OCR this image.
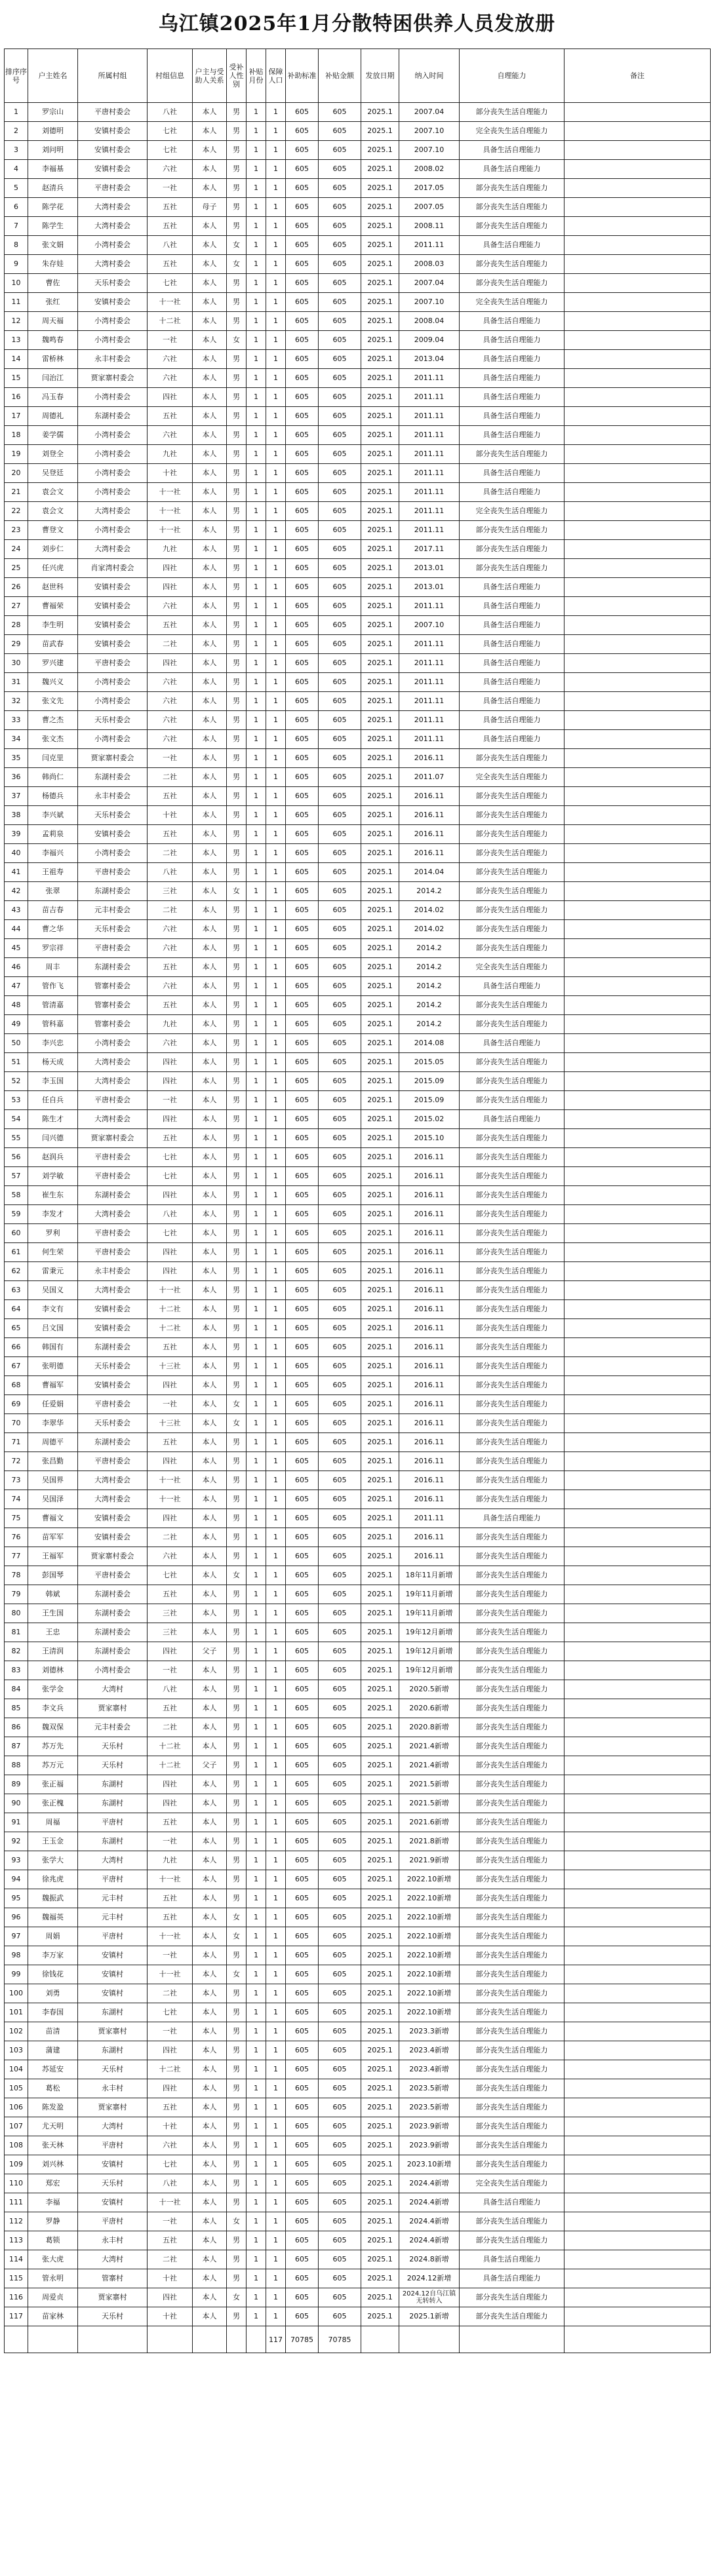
乌江镇2025年1月分散特困供养人员发放册
排序序号	户主姓名	所属村组	村组信息	户主与受助人关系	受补人性别	补贴月份	保障人口	补助标准	补贴金额	发放日期	纳入时间	自理能力	备注
1	罗宗山	平唐村委会	八社	本人	男	1	1	605	605	2025.1	2007.04	部分丧失生活自理能力	
2	刘德明	安镇村委会	七社	本人	男	1	1	605	605	2025.1	2007.10	完全丧失生活自理能力	
3	刘问明	安镇村委会	七社	本人	男	1	1	605	605	2025.1	2007.10	具备生活自理能力	
4	李福基	安镇村委会	六社	本人	男	1	1	605	605	2025.1	2008.02	具备生活自理能力	
5	赵清兵	平唐村委会	一社	本人	男	1	1	605	605	2025.1	2017.05	部分丧失生活自理能力	
6	陈学花	大湾村委会	五社	母子	男	1	1	605	605	2025.1	2007.05	部分丧失生活自理能力	
7	陈学生	大湾村委会	五社	本人	男	1	1	605	605	2025.1	2008.11	部分丧失生活自理能力	
8	张文娟	小湾村委会	八社	本人	女	1	1	605	605	2025.1	2011.11	具备生活自理能力	
9	朱存娃	大湾村委会	五社	本人	女	1	1	605	605	2025.1	2008.03	部分丧失生活自理能力	
10	曹佐	天乐村委会	七社	本人	男	1	1	605	605	2025.1	2007.04	部分丧失生活自理能力	
11	张红	安镇村委会	十一社	本人	男	1	1	605	605	2025.1	2007.10	完全丧失生活自理能力	
12	周天福	小湾村委会	十二社	本人	男	1	1	605	605	2025.1	2008.04	具备生活自理能力	
13	魏鸣春	小湾村委会	一社	本人	女	1	1	605	605	2025.1	2009.04	具备生活自理能力	
14	雷桥林	永丰村委会	六社	本人	男	1	1	605	605	2025.1	2013.04	具备生活自理能力	
15	闫治江	贾家寨村委会	六社	本人	男	1	1	605	605	2025.1	2011.11	具备生活自理能力	
16	冯玉春	小湾村委会	四社	本人	男	1	1	605	605	2025.1	2011.11	具备生活自理能力	
17	周德礼	东湖村委会	五社	本人	男	1	1	605	605	2025.1	2011.11	具备生活自理能力	
18	姜学儒	小湾村委会	六社	本人	男	1	1	605	605	2025.1	2011.11	具备生活自理能力	
19	刘登全	小湾村委会	九社	本人	男	1	1	605	605	2025.1	2011.11	部分丧失生活自理能力	
20	吴登廷	小湾村委会	十社	本人	男	1	1	605	605	2025.1	2011.11	具备生活自理能力	
21	袁会文	小湾村委会	十一社	本人	男	1	1	605	605	2025.1	2011.11	具备生活自理能力	
22	袁会文	大湾村委会	十一社	本人	男	1	1	605	605	2025.1	2011.11	完全丧失生活自理能力	
23	曹登文	小湾村委会	十一社	本人	男	1	1	605	605	2025.1	2011.11	部分丧失生活自理能力	
24	刘步仁	大湾村委会	九社	本人	男	1	1	605	605	2025.1	2017.11	部分丧失生活自理能力	
25	任兴虎	肖家湾村委会	四社	本人	男	1	1	605	605	2025.1	2013.01	部分丧失生活自理能力	
26	赵世科	安镇村委会	四社	本人	男	1	1	605	605	2025.1	2013.01	具备生活自理能力	
27	曹福荣	安镇村委会	六社	本人	男	1	1	605	605	2025.1	2011.11	具备生活自理能力	
28	李生明	安镇村委会	五社	本人	男	1	1	605	605	2025.1	2007.10	具备生活自理能力	
29	苗武春	安镇村委会	二社	本人	男	1	1	605	605	2025.1	2011.11	具备生活自理能力	
30	罗兴建	平唐村委会	四社	本人	男	1	1	605	605	2025.1	2011.11	具备生活自理能力	
31	魏兴义	小湾村委会	六社	本人	男	1	1	605	605	2025.1	2011.11	具备生活自理能力	
32	张文先	小湾村委会	六社	本人	男	1	1	605	605	2025.1	2011.11	具备生活自理能力	
33	曹之杰	天乐村委会	六社	本人	男	1	1	605	605	2025.1	2011.11	具备生活自理能力	
34	张文杰	小湾村委会	六社	本人	男	1	1	605	605	2025.1	2011.11	具备生活自理能力	
35	闫克里	贾家寨村委会	一社	本人	男	1	1	605	605	2025.1	2016.11	部分丧失生活自理能力	
36	韩尚仁	东湖村委会	二社	本人	男	1	1	605	605	2025.1	2011.07	完全丧失生活自理能力	
37	杨德兵	永丰村委会	五社	本人	男	1	1	605	605	2025.1	2016.11	部分丧失生活自理能力	
38	李兴斌	天乐村委会	十社	本人	男	1	1	605	605	2025.1	2016.11	部分丧失生活自理能力	
39	孟莉泉	安镇村委会	五社	本人	男	1	1	605	605	2025.1	2016.11	部分丧失生活自理能力	
40	李福兴	小湾村委会	二社	本人	男	1	1	605	605	2025.1	2016.11	部分丧失生活自理能力	
41	王祖寿	平唐村委会	八社	本人	男	1	1	605	605	2025.1	2014.04	部分丧失生活自理能力	
42	张翠	东湖村委会	三社	本人	女	1	1	605	605	2025.1	2014.2	部分丧失生活自理能力	
43	苗吉春	元丰村委会	二社	本人	男	1	1	605	605	2025.1	2014.02	部分丧失生活自理能力	
44	曹之华	天乐村委会	六社	本人	男	1	1	605	605	2025.1	2014.02	部分丧失生活自理能力	
45	罗宗祥	平唐村委会	六社	本人	男	1	1	605	605	2025.1	2014.2	部分丧失生活自理能力	
46	周丰	东湖村委会	五社	本人	男	1	1	605	605	2025.1	2014.2	完全丧失生活自理能力	
47	管作飞	管寨村委会	六社	本人	男	1	1	605	605	2025.1	2014.2	具备生活自理能力	
48	管清嘉	管寨村委会	五社	本人	男	1	1	605	605	2025.1	2014.2	部分丧失生活自理能力	
49	管科嘉	管寨村委会	九社	本人	男	1	1	605	605	2025.1	2014.2	部分丧失生活自理能力	
50	李兴忠	小湾村委会	六社	本人	男	1	1	605	605	2025.1	2014.08	具备生活自理能力	
51	杨天成	大湾村委会	四社	本人	男	1	1	605	605	2025.1	2015.05	部分丧失生活自理能力	
52	李玉国	大湾村委会	四社	本人	男	1	1	605	605	2025.1	2015.09	部分丧失生活自理能力	
53	任自兵	平唐村委会	一社	本人	男	1	1	605	605	2025.1	2015.09	部分丧失生活自理能力	
54	陈生才	大湾村委会	四社	本人	男	1	1	605	605	2025.1	2015.02	具备生活自理能力	
55	闫兴德	贾家寨村委会	五社	本人	男	1	1	605	605	2025.1	2015.10	部分丧失生活自理能力	
56	赵润兵	平唐村委会	七社	本人	男	1	1	605	605	2025.1	2016.11	部分丧失生活自理能力	
57	刘学敏	平唐村委会	七社	本人	男	1	1	605	605	2025.1	2016.11	部分丧失生活自理能力	
58	崔生东	东湖村委会	四社	本人	男	1	1	605	605	2025.1	2016.11	部分丧失生活自理能力	
59	李发才	大湾村委会	八社	本人	男	1	1	605	605	2025.1	2016.11	部分丧失生活自理能力	
60	罗利	平唐村委会	七社	本人	男	1	1	605	605	2025.1	2016.11	部分丧失生活自理能力	
61	何生荣	平唐村委会	四社	本人	男	1	1	605	605	2025.1	2016.11	部分丧失生活自理能力	
62	雷秉元	永丰村委会	四社	本人	男	1	1	605	605	2025.1	2016.11	部分丧失生活自理能力	
63	吴国义	大湾村委会	十一社	本人	男	1	1	605	605	2025.1	2016.11	部分丧失生活自理能力	
64	李文有	安镇村委会	十二社	本人	男	1	1	605	605	2025.1	2016.11	部分丧失生活自理能力	
65	吕文国	安镇村委会	十二社	本人	男	1	1	605	605	2025.1	2016.11	部分丧失生活自理能力	
66	韩国有	东湖村委会	五社	本人	男	1	1	605	605	2025.1	2016.11	部分丧失生活自理能力	
67	张明德	天乐村委会	十三社	本人	男	1	1	605	605	2025.1	2016.11	部分丧失生活自理能力	
68	曹福军	安镇村委会	四社	本人	男	1	1	605	605	2025.1	2016.11	部分丧失生活自理能力	
69	任爱娟	平唐村委会	一社	本人	女	1	1	605	605	2025.1	2016.11	部分丧失生活自理能力	
70	李翠华	天乐村委会	十三社	本人	女	1	1	605	605	2025.1	2016.11	部分丧失生活自理能力	
71	周德平	东湖村委会	五社	本人	男	1	1	605	605	2025.1	2016.11	部分丧失生活自理能力	
72	张昌勤	平唐村委会	四社	本人	男	1	1	605	605	2025.1	2016.11	部分丧失生活自理能力	
73	吴国界	大湾村委会	十一社	本人	男	1	1	605	605	2025.1	2016.11	部分丧失生活自理能力	
74	吴国泽	大湾村委会	十一社	本人	男	1	1	605	605	2025.1	2016.11	部分丧失生活自理能力	
75	曹福文	安镇村委会	四社	本人	男	1	1	605	605	2025.1	2011.11	具备生活自理能力	
76	苗军军	安镇村委会	二社	本人	男	1	1	605	605	2025.1	2016.11	部分丧失生活自理能力	
77	王福军	贾家寨村委会	六社	本人	男	1	1	605	605	2025.1	2016.11	部分丧失生活自理能力	
78	彭国琴	平唐村委会	七社	本人	女	1	1	605	605	2025.1	18年11月新增	部分丧失生活自理能力	
79	韩斌	东湖村委会	五社	本人	男	1	1	605	605	2025.1	19年11月新增	部分丧失生活自理能力	
80	王生国	东湖村委会	三社	本人	男	1	1	605	605	2025.1	19年11月新增	部分丧失生活自理能力	
81	王忠	东湖村委会	三社	本人	男	1	1	605	605	2025.1	19年12月新增	部分丧失生活自理能力	
82	王清润	东湖村委会	四社	父子	男	1	1	605	605	2025.1	19年12月新增	部分丧失生活自理能力	
83	刘德林	小湾村委会	一社	本人	男	1	1	605	605	2025.1	19年12月新增	部分丧失生活自理能力	
84	张学金	大湾村	八社	本人	男	1	1	605	605	2025.1	2020.5新增	部分丧失生活自理能力	
85	李文兵	贾家寨村	五社	本人	男	1	1	605	605	2025.1	2020.6新增	部分丧失生活自理能力	
86	魏双保	元丰村委会	二社	本人	男	1	1	605	605	2025.1	2020.8新增	部分丧失生活自理能力	
87	苏万先	天乐村	十二社	本人	男	1	1	605	605	2025.1	2021.4新增	部分丧失生活自理能力	
88	苏万元	天乐村	十二社	父子	男	1	1	605	605	2025.1	2021.4新增	部分丧失生活自理能力	
89	张正福	东湖村	四社	本人	男	1	1	605	605	2025.1	2021.5新增	部分丧失生活自理能力	
90	张正槐	东湖村	四社	本人	男	1	1	605	605	2025.1	2021.5新增	部分丧失生活自理能力	
91	周福	平唐村	五社	本人	男	1	1	605	605	2025.1	2021.6新增	部分丧失生活自理能力	
92	王玉金	东湖村	一社	本人	男	1	1	605	605	2025.1	2021.8新增	部分丧失生活自理能力	
93	张学大	大湾村	九社	本人	男	1	1	605	605	2025.1	2021.9新增	部分丧失生活自理能力	
94	徐兆虎	平唐村	十一社	本人	男	1	1	605	605	2025.1	2022.10新增	部分丧失生活自理能力	
95	魏振武	元丰村	五社	本人	男	1	1	605	605	2025.1	2022.10新增	部分丧失生活自理能力	
96	魏福英	元丰村	五社	本人	女	1	1	605	605	2025.1	2022.10新增	部分丧失生活自理能力	
97	周娟	平唐村	十一社	本人	女	1	1	605	605	2025.1	2022.10新增	部分丧失生活自理能力	
98	李万家	安镇村	一社	本人	男	1	1	605	605	2025.1	2022.10新增	部分丧失生活自理能力	
99	徐钱花	安镇村	十一社	本人	女	1	1	605	605	2025.1	2022.10新增	部分丧失生活自理能力	
100	刘勇	安镇村	二社	本人	男	1	1	605	605	2025.1	2022.10新增	部分丧失生活自理能力	
101	李春国	东湖村	七社	本人	男	1	1	605	605	2025.1	2022.10新增	部分丧失生活自理能力	
102	苗清	贾家寨村	一社	本人	男	1	1	605	605	2025.1	2023.3新增	部分丧失生活自理能力	
103	蒲建	东湖村	四社	本人	男	1	1	605	605	2025.1	2023.4新增	部分丧失生活自理能力	
104	苏延安	天乐村	十二社	本人	男	1	1	605	605	2025.1	2023.4新增	部分丧失生活自理能力	
105	葛松	永丰村	四社	本人	男	1	1	605	605	2025.1	2023.5新增	部分丧失生活自理能力	
106	陈发盈	贾家寨村	五社	本人	男	1	1	605	605	2025.1	2023.5新增	部分丧失生活自理能力	
107	尤天明	大湾村	十社	本人	男	1	1	605	605	2025.1	2023.9新增	部分丧失生活自理能力	
108	张天林	平唐村	六社	本人	男	1	1	605	605	2025.1	2023.9新增	部分丧失生活自理能力	
109	刘兴林	安镇村	七社	本人	男	1	1	605	605	2025.1	2023.10新增	部分丧失生活自理能力	
110	郑宏	天乐村	八社	本人	男	1	1	605	605	2025.1	2024.4新增	完全丧失生活自理能力	
111	李福	安镇村	十一社	本人	男	1	1	605	605	2025.1	2024.4新增	具备生活自理能力	
112	罗静	平唐村	一社	本人	女	1	1	605	605	2025.1	2024.4新增	部分丧失生活自理能力	
113	葛锁	永丰村	五社	本人	男	1	1	605	605	2025.1	2024.4新增	部分丧失生活自理能力	
114	张大虎	大湾村	二社	本人	男	1	1	605	605	2025.1	2024.8新增	具备生活自理能力	
115	管永明	管寨村	十社	本人	男	1	1	605	605	2025.1	2024.12新增	具备生活自理能力	
116	周爱贞	贾家寨村	四社	本人	女	1	1	605	605	2025.1	2024.12自乌江镇无转转入	部分丧失生活自理能力	
117	苗家林	天乐村	十社	本人	男	1	1	605	605	2025.1	2025.1新增	部分丧失生活自理能力	
							117	70785	70785				
